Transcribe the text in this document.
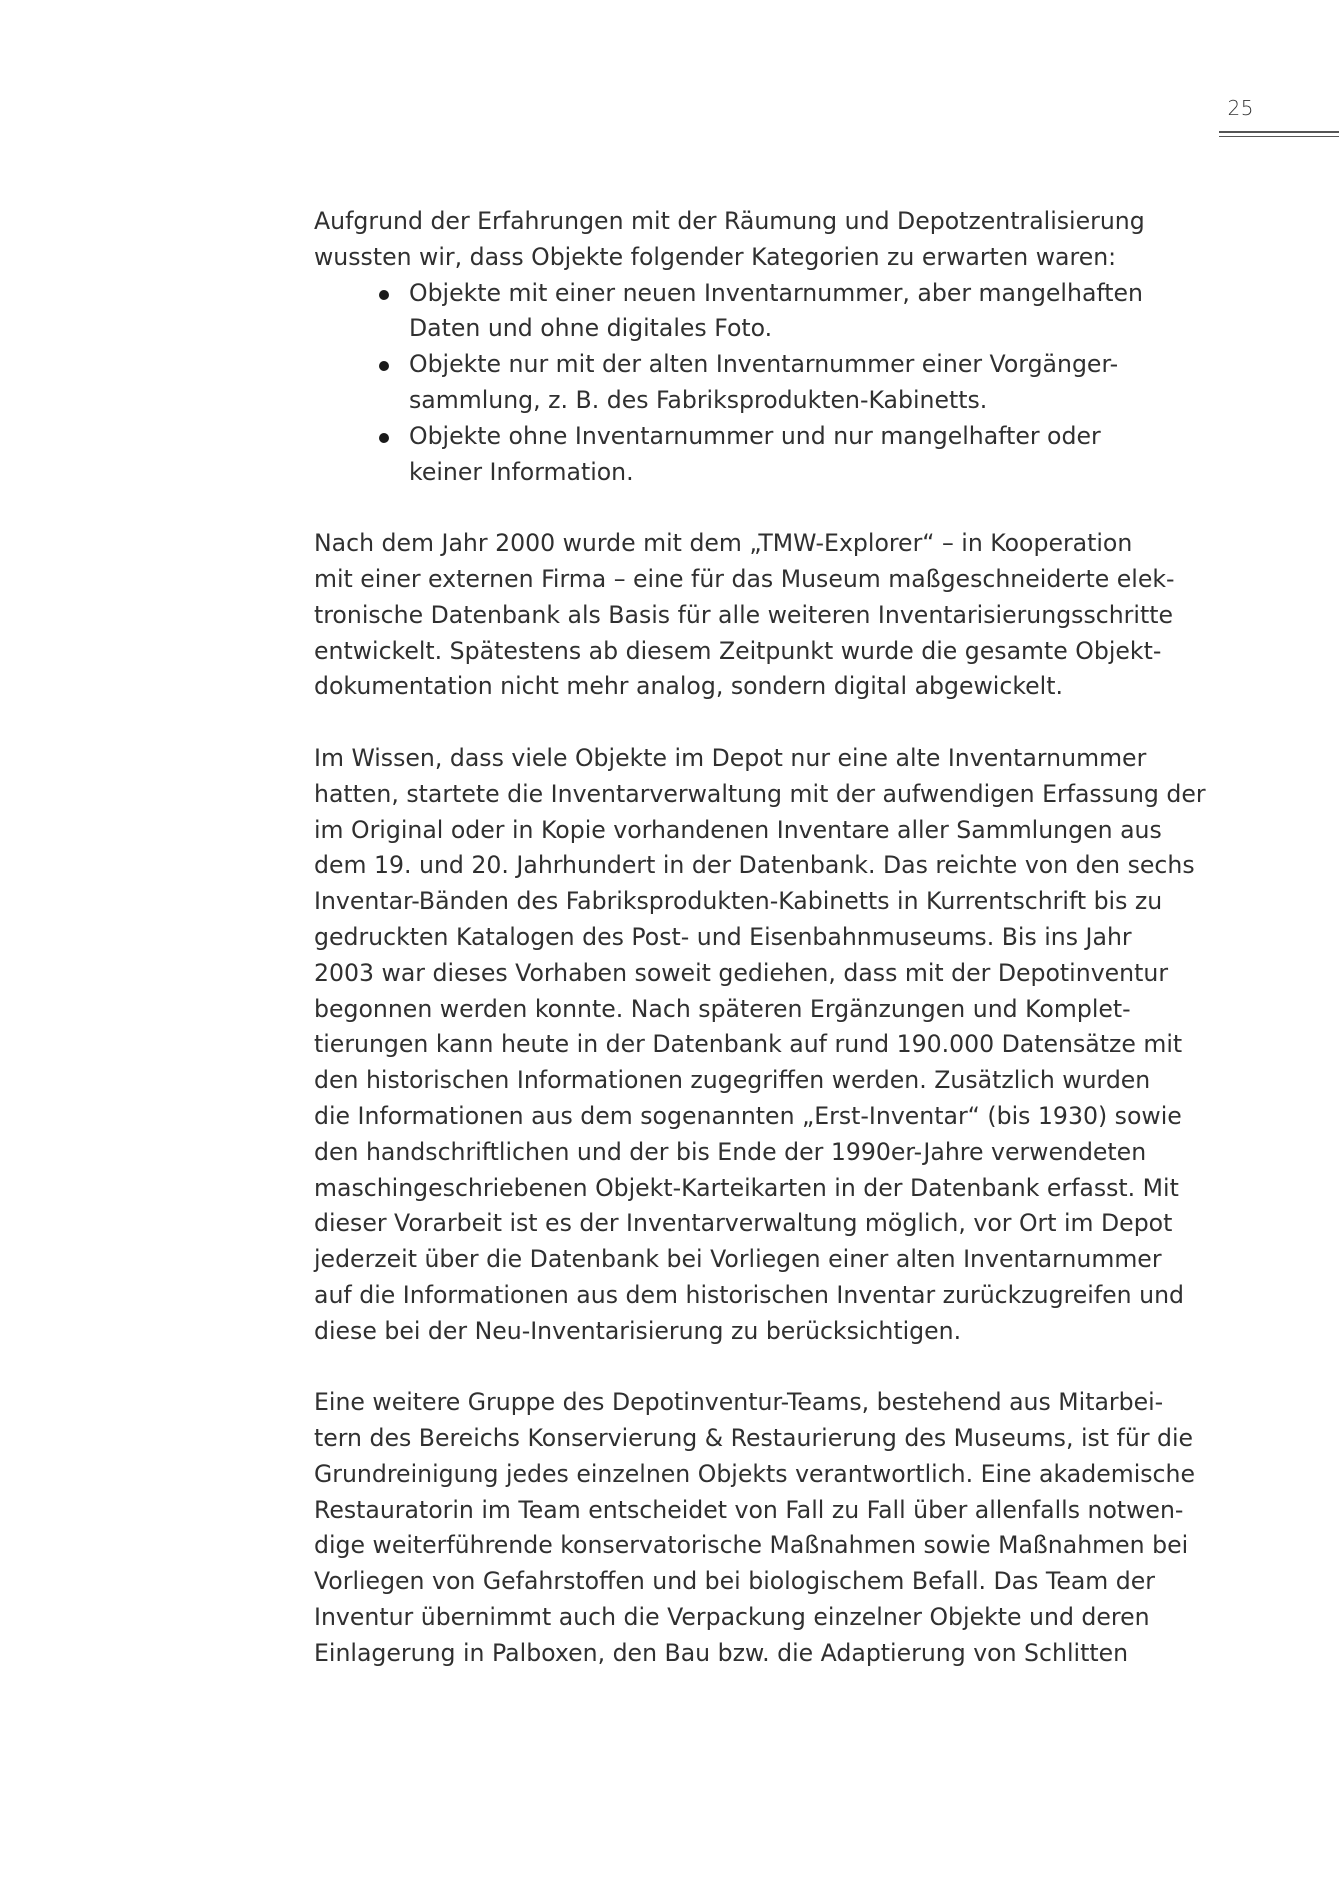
25

Aufgrund der Erfahrungen mit der Räumung und Depotzentralisierung
wussten wir, dass Objekte folgender Kategorien zu erwarten waren:

Objekte mit einer neuen Inventarnummer, aber mangelhaften
Daten und ohne digitales Foto.
Objekte nur mit der alten Inventarnummer einer Vorgänger-
sammlung, z. B. des Fabriksprodukten-Kabinetts.
Objekte ohne Inventarnummer und nur mangelhafter oder
keiner Information.

Nach dem Jahr 2000 wurde mit dem „TMW-Explorer“ – in Kooperation
mit einer externen Firma – eine für das Museum maßgeschneiderte elek-
tronische Datenbank als Basis für alle weiteren Inventarisierungsschritte
entwickelt. Spätestens ab diesem Zeitpunkt wurde die gesamte Objekt-
dokumentation nicht mehr analog, sondern digital abgewickelt.

Im Wissen, dass viele Objekte im Depot nur eine alte Inventarnummer
hatten, startete die Inventarverwaltung mit der aufwendigen Erfassung der
im Original oder in Kopie vorhandenen Inventare aller Sammlungen aus
dem 19. und 20. Jahrhundert in der Datenbank. Das reichte von den sechs
Inventar-Bänden des Fabriksprodukten-Kabinetts in Kurrentschrift bis zu
gedruckten Katalogen des Post- und Eisenbahnmuseums. Bis ins Jahr
2003 war dieses Vorhaben soweit gediehen, dass mit der Depotinventur
begonnen werden konnte. Nach späteren Ergänzungen und Komplet-
tierungen kann heute in der Datenbank auf rund 190.000 Datensätze mit
den historischen Informationen zugegriffen werden. Zusätzlich wurden
die Informationen aus dem sogenannten „Erst-Inventar“ (bis 1930) sowie
den handschriftlichen und der bis Ende der 1990er-Jahre verwendeten
maschingeschriebenen Objekt-Karteikarten in der Datenbank erfasst. Mit
dieser Vorarbeit ist es der Inventarverwaltung möglich, vor Ort im Depot
jederzeit über die Datenbank bei Vorliegen einer alten Inventarnummer
auf die Informationen aus dem historischen Inventar zurückzugreifen und
diese bei der Neu-Inventarisierung zu berücksichtigen.

Eine weitere Gruppe des Depotinventur-Teams, bestehend aus Mitarbei-
tern des Bereichs Konservierung & Restaurierung des Museums, ist für die
Grundreinigung jedes einzelnen Objekts verantwortlich. Eine akademische
Restauratorin im Team entscheidet von Fall zu Fall über allenfalls notwen-
dige weiterführende konservatorische Maßnahmen sowie Maßnahmen bei
Vorliegen von Gefahrstoffen und bei biologischem Befall. Das Team der
Inventur übernimmt auch die Verpackung einzelner Objekte und deren
Einlagerung in Palboxen, den Bau bzw. die Adaptierung von Schlitten
